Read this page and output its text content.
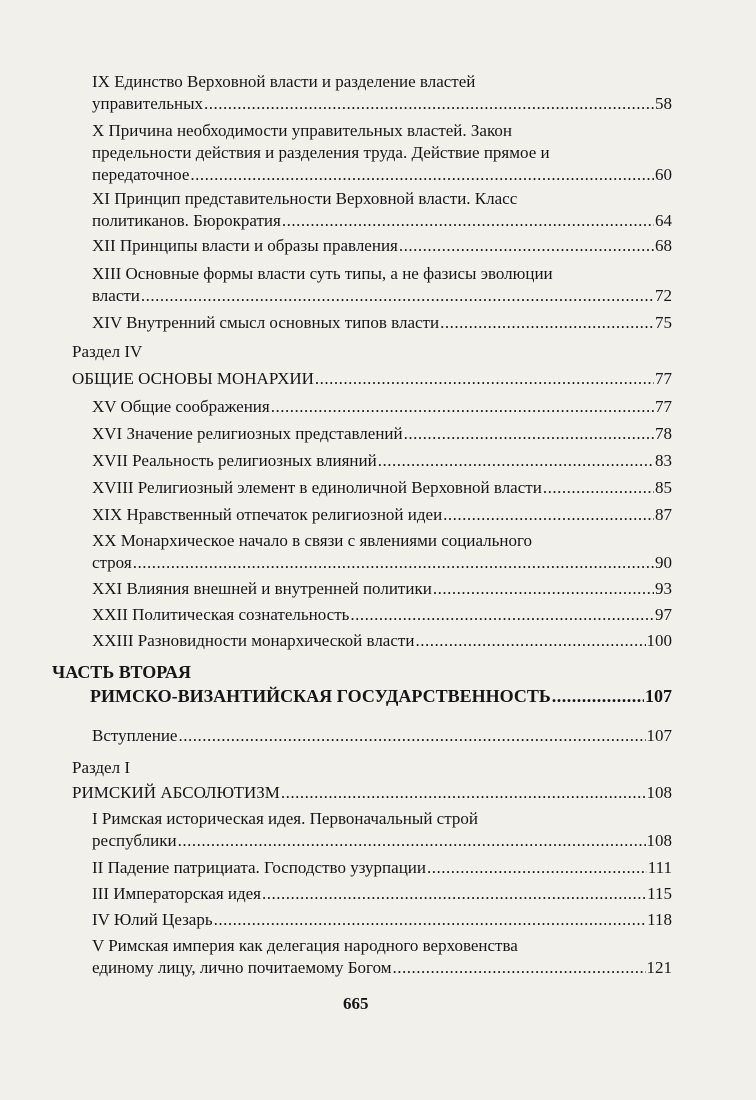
IX Единство Верховной власти и разделение властей
управительных .....	58
X Причина необходимости управительных властей. Закон
предельности действия и разделения труда. Действие прямое и
передаточное .....	60
XI Принцип представительности Верховной власти. Класс
политиканов. Бюрократия .....	64
XII Принципы власти и образы правления .....	68
XIII Основные формы власти суть типы, а не фазисы эволюции
власти .....	72
XIV Внутренний смысл основных типов власти .....	75
Раздел IV
ОБЩИЕ ОСНОВЫ МОНАРХИИ .....	77
XV Общие соображения .....	77
XVI Значение религиозных представлений .....	78
XVII Реальность религиозных влияний .....	83
XVIII Религиозный элемент в единоличной Верховной власти .....	85
XIX Нравственный отпечаток религиозной идеи .....	87
XX Монархическое начало в связи с явлениями социального
строя .....	90
XXI Влияния внешней и внутренней политики .....	93
XXII Политическая сознательность .....	97
XXIII Разновидности монархической власти .....	100
ЧАСТЬ ВТОРАЯ
РИМСКО-ВИЗАНТИЙСКАЯ ГОСУДАРСТВЕННОСТЬ .....	107
Вступление .....	107
Раздел I
РИМСКИЙ АБСОЛЮТИЗМ .....	108
I Римская историческая идея. Первоначальный строй
республики .....	108
II Падение патрициата. Господство узурпации .....	111
III Императорская идея .....	115
IV Юлий Цезарь .....	118
V Римская империя как делегация народного верховенства
единому лицу, лично почитаемому Богом .....	121
665
